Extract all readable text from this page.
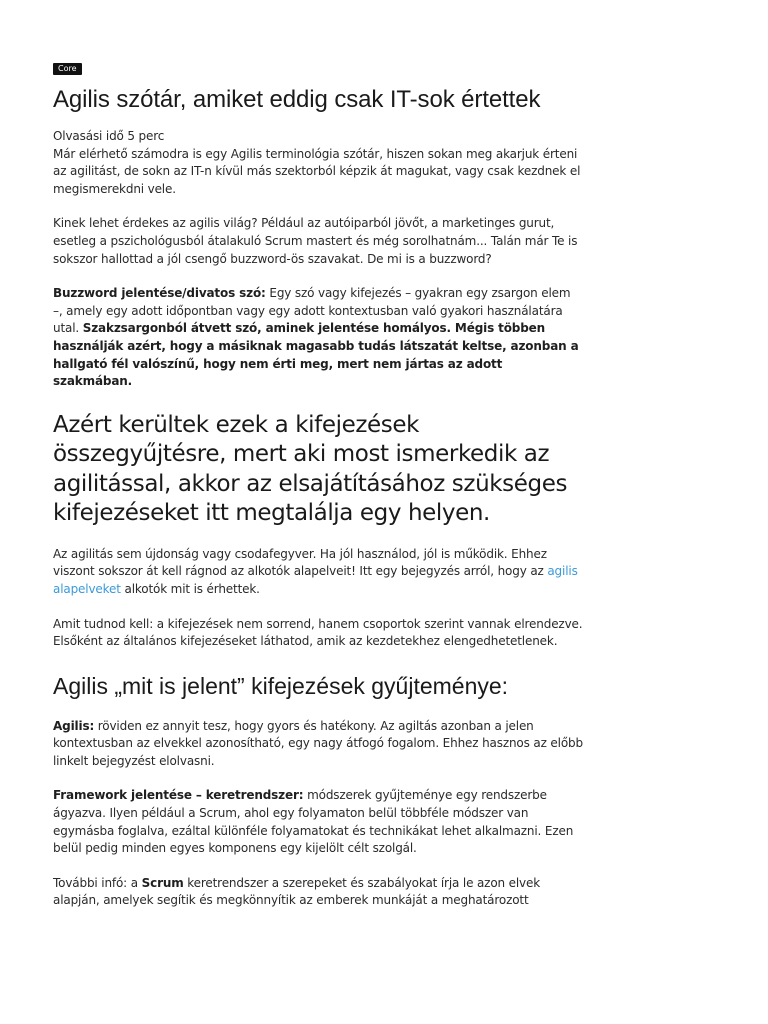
Core
Agilis szótár, amiket eddig csak IT-sok értettek

Olvasási idő 5 perc

Már elérhető számodra is egy Agilis terminológia szótár, hiszen sokan meg akarjuk érteni az agilitást, de sokn az IT-n kívül más szektorból képzik át magukat, vagy csak kezdnek el megismerekdni vele.

Kinek lehet érdekes az agilis világ? Például az autóiparból jövőt, a marketinges gurut, esetleg a pszichológusból átalakuló Scrum mastert és még sorolhatnám... Talán már Te is sokszor hallottad a jól csengő buzzword-ös szavakat. De mi is a buzzword?

Buzzword jelentése/divatos szó: Egy szó vagy kifejezés – gyakran egy zsargon elem –, amely egy adott időpontban vagy egy adott kontextusban való gyakori használatára utal. Szakzsargonból átvett szó, aminek jelentése homályos. Mégis többen használják azért, hogy a másiknak magasabb tudás látszatát keltse, azonban a hallgató fél valószínű, hogy nem érti meg, mert nem jártas az adott szakmában.

Azért kerültek ezek a kifejezések összegyűjtésre, mert aki most ismerkedik az agilitással, akkor az elsajátításához szükséges kifejezéseket itt megtalálja egy helyen.

Az agilitás sem újdonság vagy csodafegyver. Ha jól használod, jól is működik. Ehhez viszont sokszor át kell rágnod az alkotók alapelveit! Itt egy bejegyzés arról, hogy az agilis alapelveket alkotók mit is érhettek.

Amit tudnod kell: a kifejezések nem sorrend, hanem csoportok szerint vannak elrendezve. Elsőként az általános kifejezéseket láthatod, amik az kezdetekhez elengedhetetlenek.

Agilis „mit is jelent” kifejezések gyűjteménye:

Agilis: röviden ez annyit tesz, hogy gyors és hatékony. Az agiltás azonban a jelen kontextusban az elvekkel azonosítható, egy nagy átfogó fogalom. Ehhez hasznos az előbb linkelt bejegyzést elolvasni.

Framework jelentése – keretrendszer: módszerek gyűjteménye egy rendszerbe ágyazva. Ilyen például a Scrum, ahol egy folyamaton belül többféle módszer van egymásba foglalva, ezáltal különféle folyamatokat és technikákat lehet alkalmazni. Ezen belül pedig minden egyes komponens egy kijelölt célt szolgál.

További infó: a Scrum keretrendszer a szerepeket és szabályokat írja le azon elvek alapján, amelyek segítik és megkönnyítik az emberek munkáját a meghatározott
